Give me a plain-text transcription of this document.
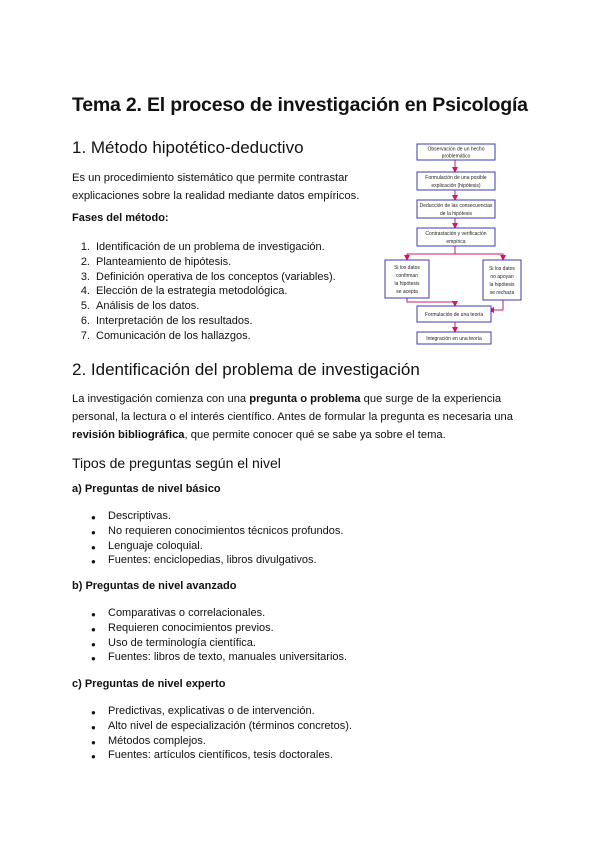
Tema 2. El proceso de investigación en Psicología
1. Método hipotético-deductivo

Es un procedimiento sistemático que permite contrastar
explicaciones sobre la realidad mediante datos empíricos.

Fases del método:

1. Identificación de un problema de investigación.
2. Planteamiento de hipótesis.
3. Definición operativa de los conceptos (variables).
4. Elección de la estrategia metodológica.
5. Análisis de los datos.
6. Interpretación de los resultados.
7. Comunicación de los hallazgos.
Observación de un hecho
problemático
Formulación de una posible
explicación (hipótesis)
Deducción de las consecuencias
de la hipótesis
Contrastación y verificación
empírica
Si los datos
confirman
la hipótesis
se acepta
Si los datos
no apoyan
la hipótesis
se rechaza
Formulación de una teoría
Integración en una teoría
2. Identificación del problema de investigación

La investigación comienza con una pregunta o problema que surge de la experiencia
personal, la lectura o el interés científico. Antes de formular la pregunta es necesaria una
revisión bibliográfica, que permite conocer qué se sabe ya sobre el tema.

Tipos de preguntas según el nivel

a) Preguntas de nivel básico

● Descriptivas.
● No requieren conocimientos técnicos profundos.
● Lenguaje coloquial.
● Fuentes: enciclopedias, libros divulgativos.

b) Preguntas de nivel avanzado

● Comparativas o correlacionales.
● Requieren conocimientos previos.
● Uso de terminología científica.
● Fuentes: libros de texto, manuales universitarios.

c) Preguntas de nivel experto

● Predictivas, explicativas o de intervención.
● Alto nivel de especialización (términos concretos).
● Métodos complejos.
● Fuentes: artículos científicos, tesis doctorales.
